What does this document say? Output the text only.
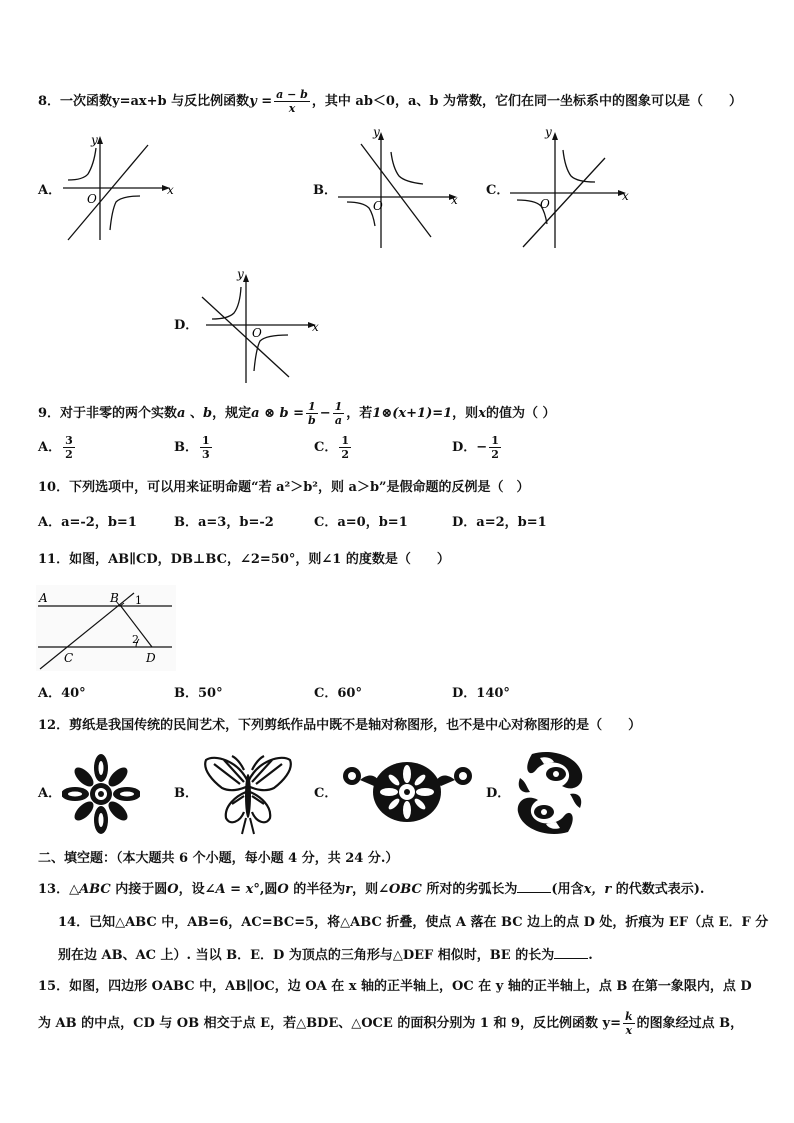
8．一次函数y=ax+b 与反比例函数$y = \frac{a - b}{x}$ ，其中 ab＜0，a、b 为常数，它们在同一坐标系中的图象可以是（　　）
A．	x
y
O
B．
x
y
O
C．	x
y
O
D．	x
y
O
9．对于非零的两个实数a 、b，规定a ⊗ $b = \frac{1}{b} - \frac{1}{a}$ ，若1⊗(x+1)=1，则x的值为（ ）
A． $\frac{3}{2}$	B． $\frac{1}{3}$	C． $\frac{1}{2}$	D．− $\frac{1}{2}$
10．下列选项中，可以用来证明命题“若 a²＞b²，则 a＞b”是假命题的反例是（　）
A．a=-2，b=1	B．a=3，b=-2	C．a=0，b=1	D．a=2，b=1
11．如图，AB∥CD，DB⊥BC，∠2=50°，则∠1 的度数是（　　）
A	B 1
2
C	D
A．40°	B．50°	C．60°	D．140°
12．剪纸是我国传统的民间艺术，下列剪纸作品中既不是轴对称图形，也不是中心对称图形的是（　　）
A．	B．	C．	D．
二、填空题：（本大题共 6 个小题，每小题 4 分，共 24 分.）
13．△ABC 内接于圆O，设∠A = x°,圆O 的半径为r，则∠OBC 所对的劣弧长为	(用含x，r 的代数式表示).
14．已知△ABC 中，AB=6，AC=BC=5，将△ABC 折叠，使点 A 落在 BC 边上的点 D 处，折痕为 EF（点 E．F 分
别在边 AB、AC 上）. 当以 B．E．D 为顶点的三角形与△DEF 相似时，BE 的长为	.
15．如图，四边形 OABC 中，AB∥OC，边 OA 在 x 轴的正半轴上，OC 在 y 轴的正半轴上，点 B 在第一象限内，点 D
为 AB 的中点，CD 与 OB 相交于点 E，若△BDE、△OCE 的面积分别为 1 和 9，反比例函数 $y= \frac{k}{x}$ 的图象经过点 B，
